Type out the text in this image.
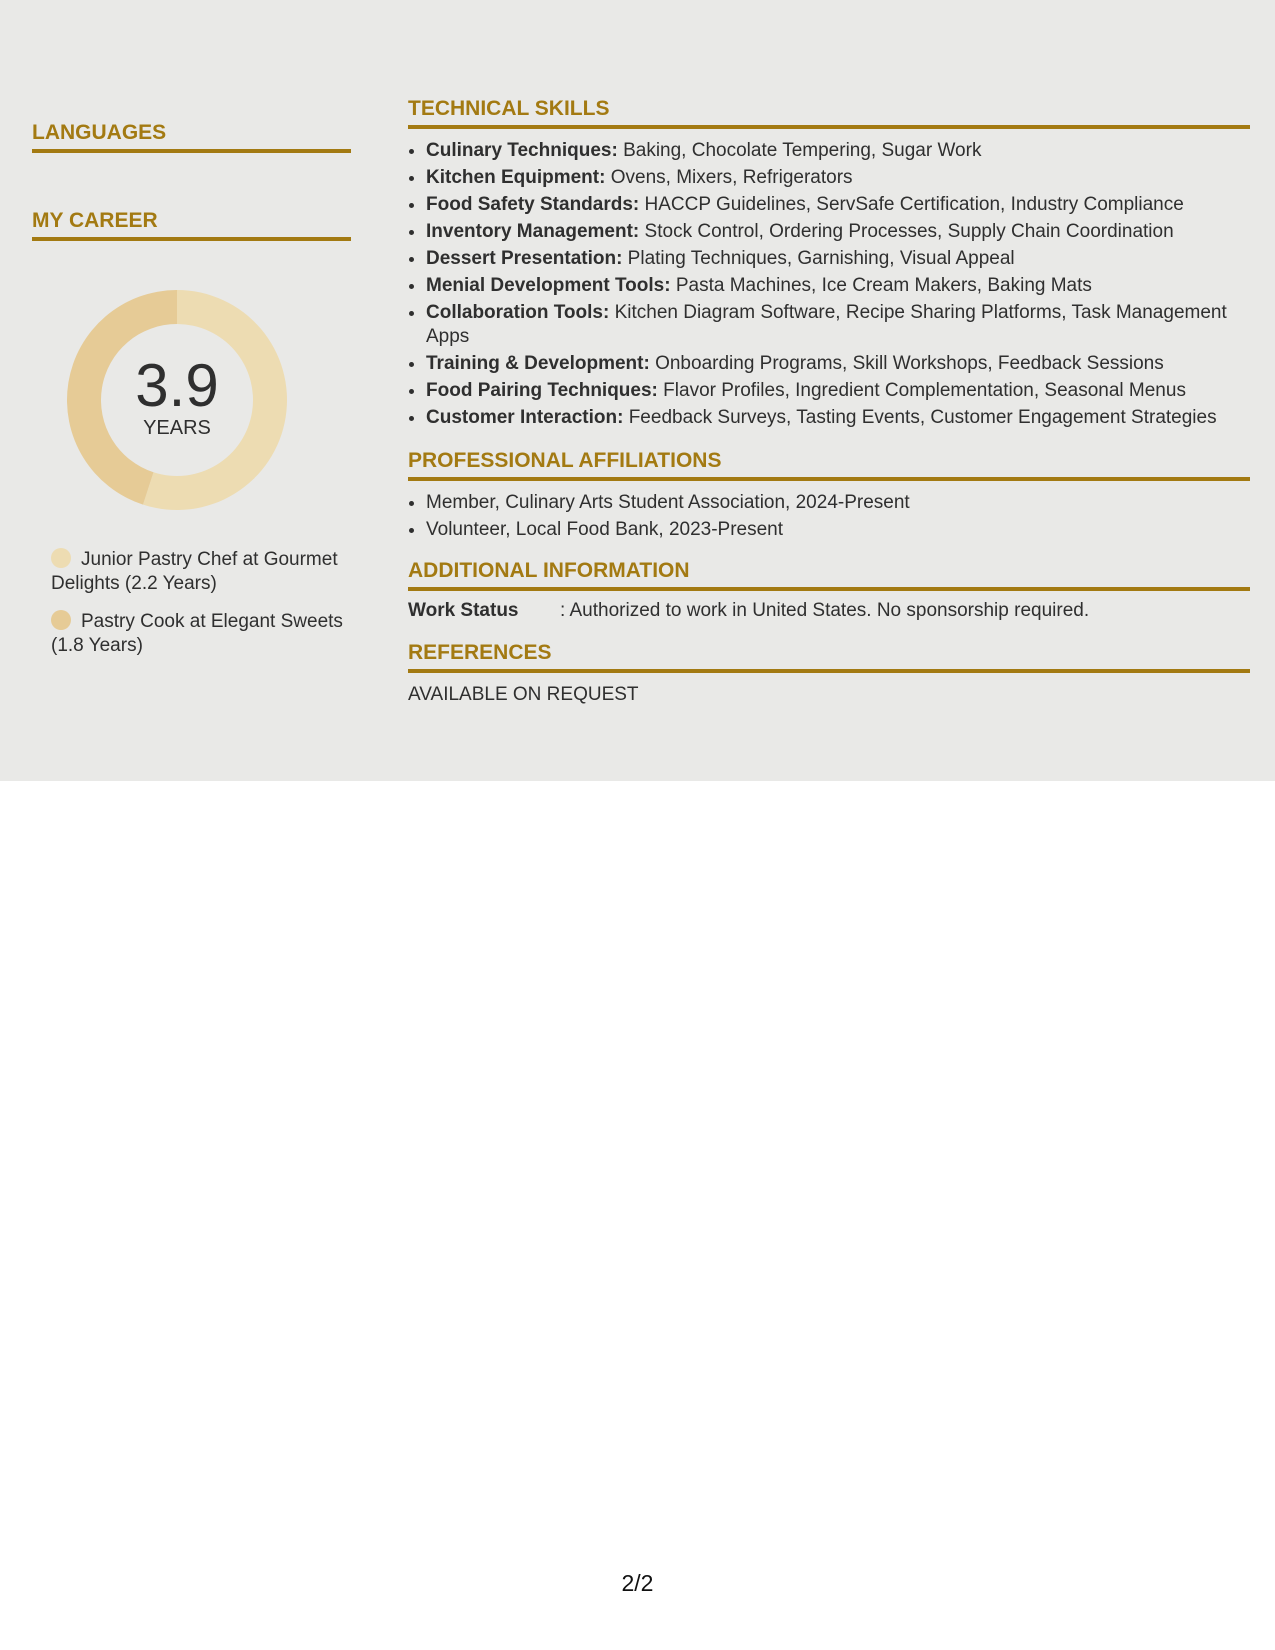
LANGUAGES
MY CAREER
3.9
YEARS
Junior Pastry Chef at Gourmet Delights (2.2 Years)
Pastry Cook at Elegant Sweets (1.8 Years)
TECHNICAL SKILLS
• Culinary Techniques: Baking, Chocolate Tempering, Sugar Work
• Kitchen Equipment: Ovens, Mixers, Refrigerators
• Food Safety Standards: HACCP Guidelines, ServSafe Certification, Industry Compliance
• Inventory Management: Stock Control, Ordering Processes, Supply Chain Coordination
• Dessert Presentation: Plating Techniques, Garnishing, Visual Appeal
• Menial Development Tools: Pasta Machines, Ice Cream Makers, Baking Mats
• Collaboration Tools: Kitchen Diagram Software, Recipe Sharing Platforms, Task Management Apps
• Training & Development: Onboarding Programs, Skill Workshops, Feedback Sessions
• Food Pairing Techniques: Flavor Profiles, Ingredient Complementation, Seasonal Menus
• Customer Interaction: Feedback Surveys, Tasting Events, Customer Engagement Strategies
PROFESSIONAL AFFILIATIONS
• Member, Culinary Arts Student Association, 2024-Present
• Volunteer, Local Food Bank, 2023-Present
ADDITIONAL INFORMATION
Work Status : Authorized to work in United States. No sponsorship required.
REFERENCES
AVAILABLE ON REQUEST
2/2
